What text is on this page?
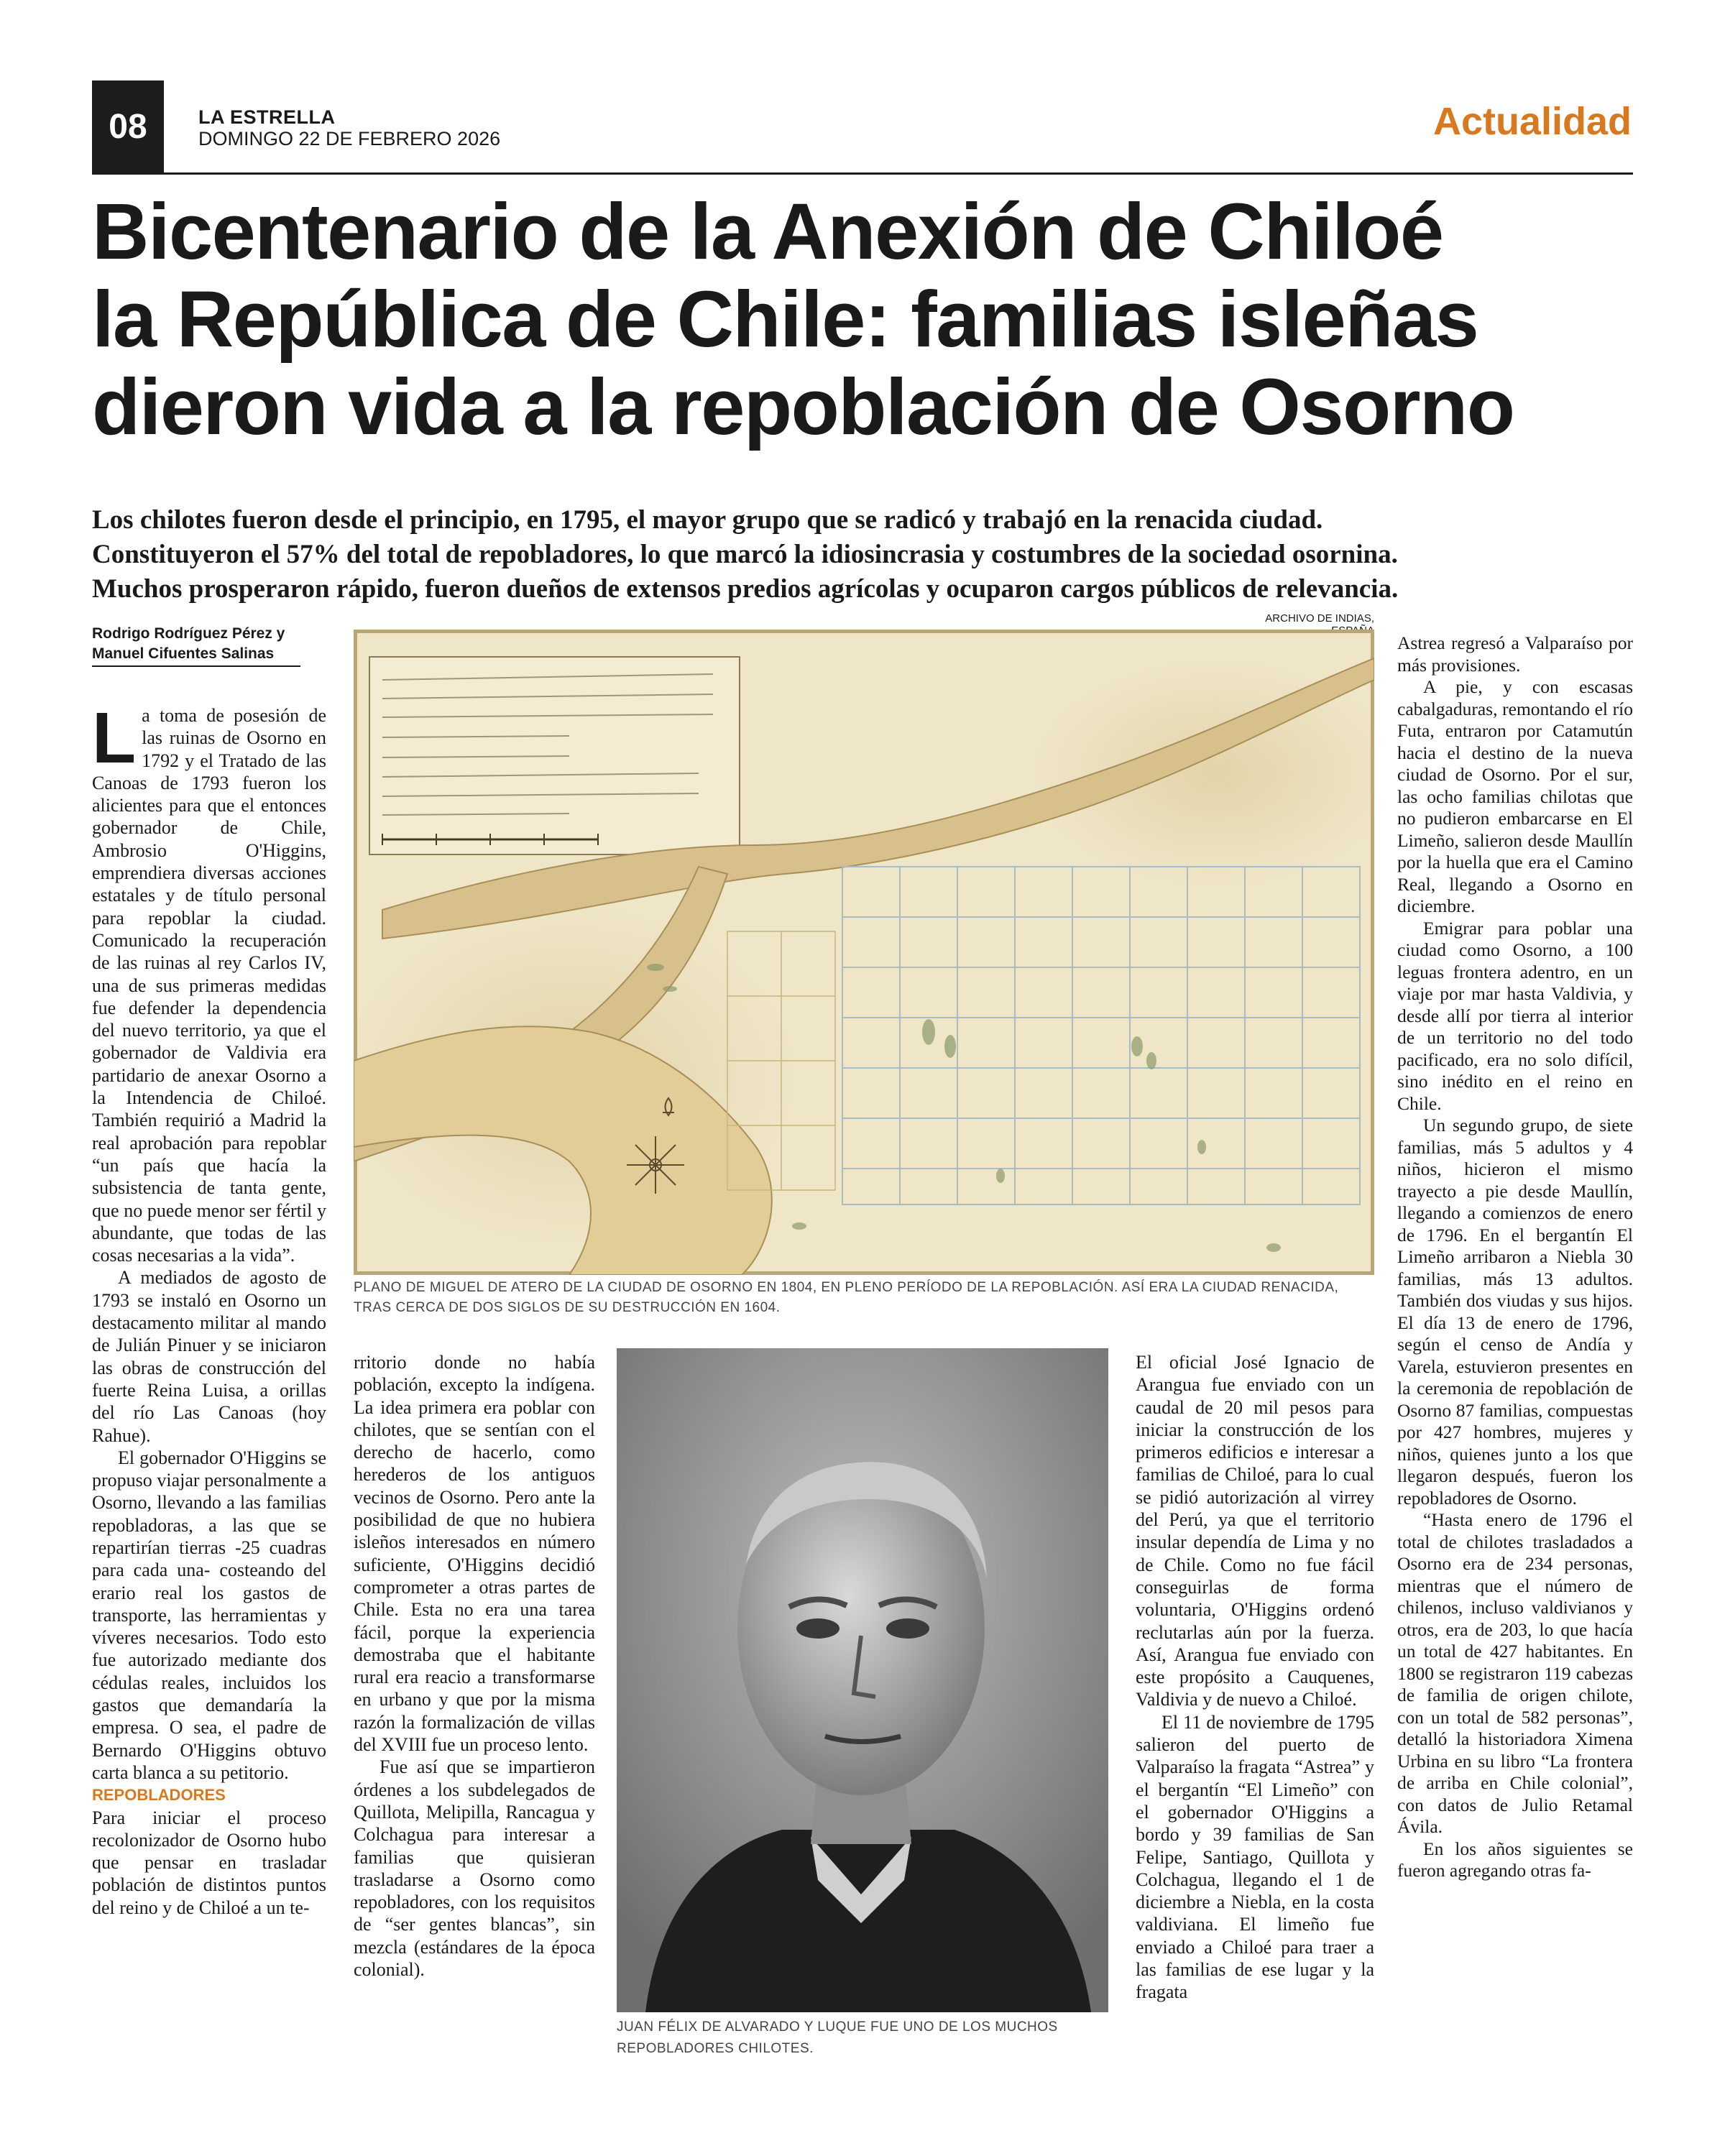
08	LA ESTRELLA
DOMINGO 22 DE FEBRERO 2026	Actualidad
Bicentenario de la Anexión de Chiloé
la República de Chile: familias isleñas
dieron vida a la repoblación de Osorno
Los chilotes fueron desde el principio, en 1795, el mayor grupo que se radicó y trabajó en la renacida ciudad.
Constituyeron el 57% del total de repobladores, lo que marcó la idiosincrasia y costumbres de la sociedad osornina.
Muchos prosperaron rápido, fueron dueños de extensos predios agrícolas y ocuparon cargos públicos de relevancia.
Rodrigo Rodríguez Pérez y
Manuel Cifuentes Salinas
ARCHIVO DE INDIAS,
PLANO DE MIGUEL DE ATERO DE LA CIUDAD DE OSORNO EN 1804, EN PLENO PERÍODO DE LA REPOBLACIÓN. ASÍ ERA LA CIUDAD RENACIDA,
TRAS CERCA DE DOS SIGLOS DE SU DESTRUCCIÓN EN 1604.
JUAN FÉLIX DE ALVARADO Y LUQUE FUE UNO DE LOS MUCHOS
REPOBLADORES CHILOTES.

La toma de posesión de las ruinas de Osorno en 1792 y el Tratado de las Canoas de 1793 fueron los alicientes para que el entonces gobernador de Chile, Ambrosio O'Higgins, emprendiera diversas acciones estatales y de título personal para repoblar la ciudad. Comunicado la recuperación de las ruinas al rey Carlos IV, una de sus primeras medidas fue defender la dependencia del nuevo territorio, ya que el gobernador de Valdivia era partidario de anexar Osorno a la Intendencia de Chiloé. También requirió a Madrid la real aprobación para repoblar “un país que hacía la subsistencia de tanta gente, que no puede menor ser fértil y abundante, que todas de las cosas necesarias a la vida”.

A mediados de agosto de 1793 se instaló en Osorno un destacamento militar al mando de Julián Pinuer y se iniciaron las obras de construcción del fuerte Reina Luisa, a orillas del río Las Canoas (hoy Rahue).

El gobernador O'Higgins se propuso viajar personalmente a Osorno, llevando a las familias repobladoras, a las que se repartirían tierras -25 cuadras para cada una- costeando del erario real los gastos de transporte, las herramientas y víveres necesarios. Todo esto fue autorizado mediante dos cédulas reales, incluidos los gastos que demandaría la empresa. O sea, el padre de Bernardo O'Higgins obtuvo carta blanca a su petitorio.

REPOBLADORES

Para iniciar el proceso recolonizador de Osorno hubo que pensar en trasladar población de distintos puntos del reino y de Chiloé a un te-

rritorio donde no había población, excepto la indígena. La idea primera era poblar con chilotes, que se sentían con el derecho de hacerlo, como herederos de los antiguos vecinos de Osorno. Pero ante la posibilidad de que no hubiera isleños interesados en número suficiente, O'Higgins decidió comprometer a otras partes de Chile. Esta no era una tarea fácil, porque la experiencia demostraba que el habitante rural era reacio a transformarse en urbano y que por la misma razón la formalización de villas del XVIII fue un proceso lento.

Fue así que se impartieron órdenes a los subdelegados de Quillota, Melipilla, Rancagua y Colchagua para interesar a familias que quisieran trasladarse a Osorno como repobladores, con los requisitos de “ser gentes blancas”, sin mezcla (estándares de la época colonial).

El oficial José Ignacio de Arangua fue enviado con un caudal de 20 mil pesos para iniciar la construcción de los primeros edificios e interesar a familias de Chiloé, para lo cual se pidió autorización al virrey del Perú, ya que el territorio insular dependía de Lima y no de Chile. Como no fue fácil conseguirlas de forma voluntaria, O'Higgins ordenó reclutarlas aún por la fuerza. Así, Arangua fue enviado con este propósito a Cauquenes, Valdivia y de nuevo a Chiloé.

El 11 de noviembre de 1795 salieron del puerto de Valparaíso la fragata “Astrea” y el bergantín “El Limeño” con el gobernador O'Higgins a bordo y 39 familias de San Felipe, Santiago, Quillota y Colchagua, llegando el 1 de diciembre a Niebla, en la costa valdiviana. El limeño fue enviado a Chiloé para traer a las familias de ese lugar y la fragata

Astrea regresó a Valparaíso por más provisiones.

A pie, y con escasas cabalgaduras, remontando el río Futa, entraron por Catamutún hacia el destino de la nueva ciudad de Osorno. Por el sur, las ocho familias chilotas que no pudieron embarcarse en El Limeño, salieron desde Maullín por la huella que era el Camino Real, llegando a Osorno en diciembre.

Emigrar para poblar una ciudad como Osorno, a 100 leguas frontera adentro, en un viaje por mar hasta Valdivia, y desde allí por tierra al interior de un territorio no del todo pacificado, era no solo difícil, sino inédito en el reino en Chile.

Un segundo grupo, de siete familias, más 5 adultos y 4 niños, hicieron el mismo trayecto a pie desde Maullín, llegando a comienzos de enero de 1796. En el bergantín El Limeño arribaron a Niebla 30 familias, más 13 adultos. También dos viudas y sus hijos. El día 13 de enero de 1796, según el censo de Andía y Varela, estuvieron presentes en la ceremonia de repoblación de Osorno 87 familias, compuestas por 427 hombres, mujeres y niños, quienes junto a los que llegaron después, fueron los repobladores de Osorno.

“Hasta enero de 1796 el total de chilotes trasladados a Osorno era de 234 personas, mientras que el número de chilenos, incluso valdivianos y otros, era de 203, lo que hacía un total de 427 habitantes. En 1800 se registraron 119 cabezas de familia de origen chilote, con un total de 582 personas”, detalló la historiadora Ximena Urbina en su libro “La frontera de arriba en Chile colonial”, con datos de Julio Retamal Ávila.

En los años siguientes se fueron agregando otras fa-
